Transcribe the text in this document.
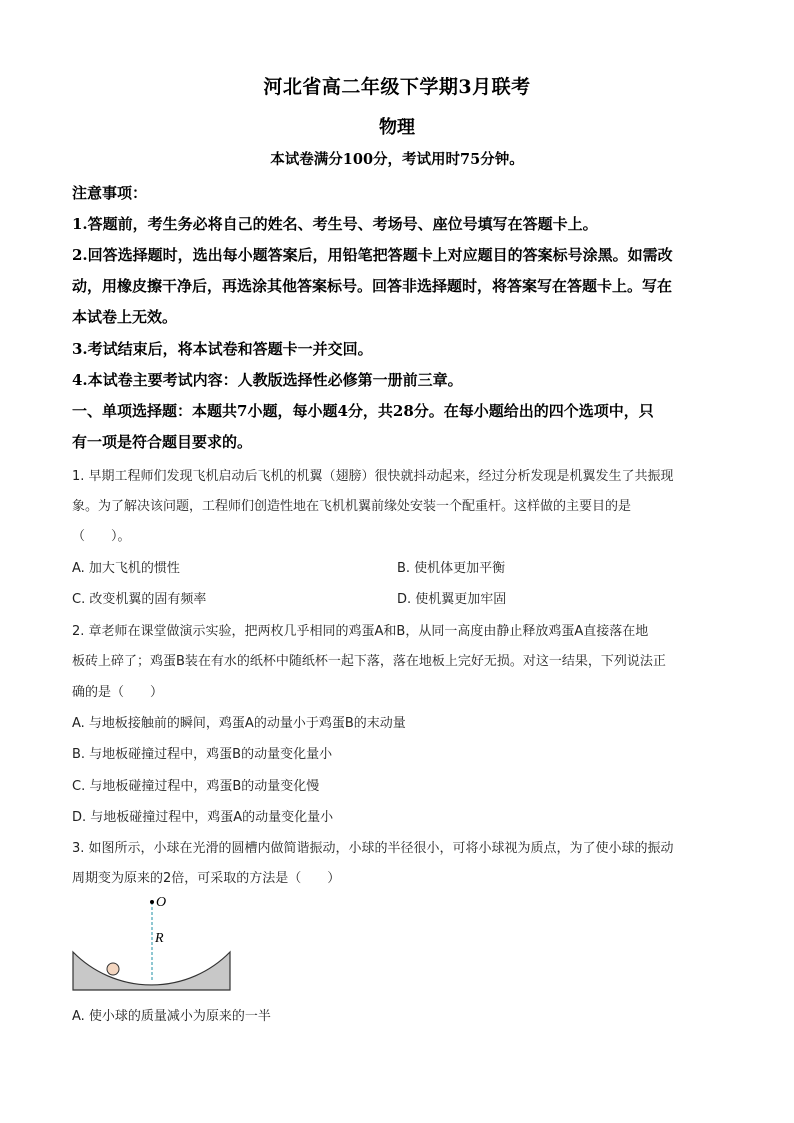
河北省高二年级下学期3月联考
物理
本试卷满分100分，考试用时75分钟。
注意事项：
1.答题前，考生务必将自己的姓名、考生号、考场号、座位号填写在答题卡上。
2.回答选择题时，选出每小题答案后，用铅笔把答题卡上对应题目的答案标号涂黑。如需改
动，用橡皮擦干净后，再选涂其他答案标号。回答非选择题时，将答案写在答题卡上。写在
本试卷上无效。
3.考试结束后，将本试卷和答题卡一并交回。
4.本试卷主要考试内容：人教版选择性必修第一册前三章。
一、单项选择题：本题共7小题，每小题4分，共28分。在每小题给出的四个选项中，只
有一项是符合题目要求的。
1. 早期工程师们发现飞机启动后飞机的机翼（翅膀）很快就抖动起来，经过分析发现是机翼发生了共振现
象。为了解决该问题，工程师们创造性地在飞机机翼前缘处安装一个配重杆。这样做的主要目的是
（　　）。
A. 加大飞机的惯性	B. 使机体更加平衡
C. 改变机翼的固有频率	D. 使机翼更加牢固
2. 章老师在课堂做演示实验，把两枚几乎相同的鸡蛋A和B，从同一高度由静止释放鸡蛋A直接落在地
板砖上碎了；鸡蛋B装在有水的纸杯中随纸杯一起下落，落在地板上完好无损。对这一结果，下列说法正
确的是（　　）
A. 与地板接触前的瞬间，鸡蛋A的动量小于鸡蛋B的末动量
B. 与地板碰撞过程中，鸡蛋B的动量变化量小
C. 与地板碰撞过程中，鸡蛋B的动量变化慢
D. 与地板碰撞过程中，鸡蛋A的动量变化量小
3. 如图所示，小球在光滑的圆槽内做简谐振动，小球的半径很小，可将小球视为质点，为了使小球的振动
周期变为原来的2倍，可采取的方法是（　　）
O
R
A. 使小球的质量减小为原来的一半
